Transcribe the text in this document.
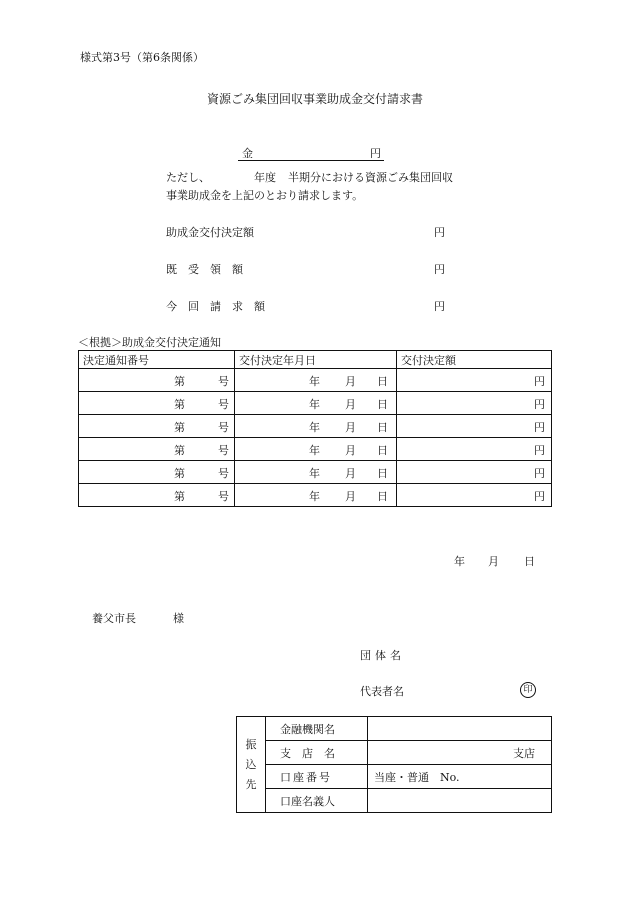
様式第3号（第6条関係）
資源ごみ集団回収事業助成金交付請求書
金	円
ただし、	年度 半期分における資源ごみ集団回収
事業助成金を上記のとおり請求します。
助成金交付決定額	円
既　受　領　額	円
今　回　請　求　額	円
＜根拠＞助成金交付決定通知
決定通知番号	交付決定年月日	交付決定額

第 号	年 月 日	円

第 号	年 月 日	円

第 号	年 月 日	円

第 号	年 月 日	円

第 号	年 月 日	円

第 号	年 月 日	円
年 月 日
養父市長	様
団体名
代表者名	印
振
込
先	金融機関名	
	支　店　名	支店
	口座番号	当座・普通　No.
	口座名義人	
